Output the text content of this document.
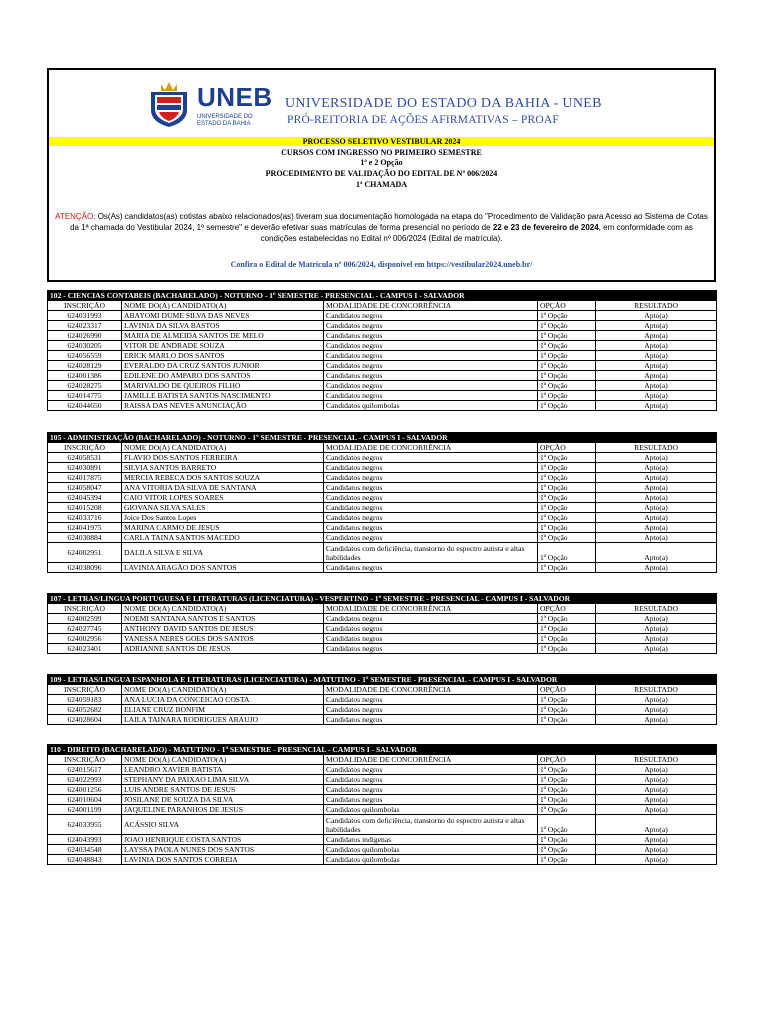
UNEB
UNIVERSIDADE DO ESTADO DA BAHIA
UNIVERSIDADE DO ESTADO DA BAHIA - UNEB
PRÓ-REITORIA DE AÇÕES AFIRMATIVAS – PROAF
PROCESSO SELETIVO VESTIBULAR 2024
CURSOS COM INGRESSO NO PRIMEIRO SEMESTRE
1ª e 2 Opção
PROCEDIMENTO DE VALIDAÇÃO DO EDITAL DE Nº 006/2024
1ª CHAMADA
ATENÇÃO: Os(As) candidatos(as) cotistas abaixo relacionados(as) tiveram sua documentação homologada na etapa do "Procedimento de Validação para Acesso ao Sistema de Cotas da 1ª chamada do Vestibular 2024, 1º semestre" e deverão efetivar suas matrículas de forma presencial no período de 22 e 23 de fevereiro de 2024, em conformidade com as condições estabelecidas no Edital nº 006/2024 (Edital de matrícula).
Confira o Edital de Matrícula nº 006/2024, disponível em https://vestibular2024.uneb.br/
102 - CIENCIAS CONTABEIS (BACHARELADO) - NOTURNO - 1º SEMESTRE - PRESENCIAL - CAMPUS I - SALVADOR				
INSCRIÇÃO	NOME DO(A) CANDIDATO(A)	MODALIDADE DE CONCORRÊNCIA	OPÇÃO	RESULTADO
624031993	ABAYOMI DUME SILVA DAS NEVES	Candidatos negros	1ª Opção	Apto(a)
624023317	LAVINIA DA SILVA BASTOS	Candidatos negros	1ª Opção	Apto(a)
624026990	MARIA DE ALMEIDA SANTOS DE MELO	Candidatos negros	1ª Opção	Apto(a)
624030205	VITOR DE ANDRADE SOUZA	Candidatos negros	1ª Opção	Apto(a)
624056559	ERICK MARLO DOS SANTOS	Candidatos negros	1ª Opção	Apto(a)
624028129	EVERALDO DA CRUZ SANTOS JUNIOR	Candidatos negros	1ª Opção	Apto(a)
624001386	EDILENE DO AMPARO DOS SANTOS	Candidatos negros	1ª Opção	Apto(a)
624028275	MARIVALDO DE QUEIROS FILHO	Candidatos negros	1ª Opção	Apto(a)
624014775	JAMILLE BATISTA SANTOS NASCIMENTO	Candidatos negros	1ª Opção	Apto(a)
624044650	RAISSA DAS NEVES ANUNCIAÇÃO	Candidatos quilombolas	1ª Opção	Apto(a)
105 - ADMINISTRAÇÃO (BACHARELADO) - NOTURNO - 1º SEMESTRE - PRESENCIAL - CAMPUS I - SALVADOR				
INSCRIÇÃO	NOME DO(A) CANDIDATO(A)	MODALIDADE DE CONCORRÊNCIA	OPÇÃO	RESULTADO
624058531	FLAVIO DOS SANTOS FERREIRA	Candidatos negros	1ª Opção	Apto(a)
624030891	SILVIA SANTOS BARRETO	Candidatos negros	1ª Opção	Apto(a)
624017875	MERCIA REBECA DOS SANTOS SOUZA	Candidatos negros	1ª Opção	Apto(a)
624058047	ANA VITORIA DA SILVA DE SANTANA	Candidatos negros	1ª Opção	Apto(a)
624045394	CAIO VITOR LOPES SOARES	Candidatos negros	1ª Opção	Apto(a)
624015208	GIOVANA SILVA SALES	Candidatos negros	1ª Opção	Apto(a)
624033716	Joice Dos Santos Lopes	Candidatos negros	1ª Opção	Apto(a)
624041975	MARINA CARMO DE JESUS	Candidatos negros	1ª Opção	Apto(a)
624030884	CARLA TAINA SANTOS MACEDO	Candidatos negros	1ª Opção	Apto(a)
624002951	DALILA SILVA E SILVA	Candidatos com deficiência, transtorno do espectro autista e altas habilidades	1ª Opção	Apto(a)
624038096	LAVINIA ARAGÃO DOS SANTOS	Candidatos negros	1ª Opção	Apto(a)
107 - LETRAS/LINGUA PORTUGUESA E LITERATURAS (LICENCIATURA) - VESPERTINO - 1º SEMESTRE - PRESENCIAL - CAMPUS I - SALVADOR				
INSCRIÇÃO	NOME DO(A) CANDIDATO(A)	MODALIDADE DE CONCORRÊNCIA	OPÇÃO	RESULTADO
624002599	NOEMI SANTANA SANTOS E SANTOS	Candidatos negros	1ª Opção	Apto(a)
624027745	ANTHONY DAVID SANTOS DE JESUS	Candidatos negros	1ª Opção	Apto(a)
624002956	VANESSA NERES GOES DOS SANTOS	Candidatos negros	1ª Opção	Apto(a)
624023401	ADRIANNE SANTOS DE JESUS	Candidatos negros	1ª Opção	Apto(a)
109 - LETRAS/LINGUA ESPANHOLA E LITERATURAS (LICENCIATURA) - MATUTINO - 1º SEMESTRE - PRESENCIAL - CAMPUS I - SALVADOR				
INSCRIÇÃO	NOME DO(A) CANDIDATO(A)	MODALIDADE DE CONCORRÊNCIA	OPÇÃO	RESULTADO
624059183	ANA LUCIA DA CONCEICAO COSTA	Candidatos negros	1ª Opção	Apto(a)
624052682	ELIANE CRUZ BONFIM	Candidatos negros	1ª Opção	Apto(a)
624028604	LAILA TAINARA RODRIGUES ARAUJO	Candidatos negros	1ª Opção	Apto(a)
110 - DIREITO (BACHARELADO) - MATUTINO - 1º SEMESTRE - PRESENCIAL - CAMPUS I - SALVADOR				
INSCRIÇÃO	NOME DO(A) CANDIDATO(A)	MODALIDADE DE CONCORRÊNCIA	OPÇÃO	RESULTADO
624015617	LEANDRO XAVIER BATISTA	Candidatos negros	1ª Opção	Apto(a)
624022993	STEPHANY DA PAIXAO LIMA SILVA	Candidatos negros	1ª Opção	Apto(a)
624001256	LUIS ANDRE SANTOS DE JESUS	Candidatos negros	1ª Opção	Apto(a)
624010604	JOSILANE DE SOUZA DA SILVA	Candidatos negros	1ª Opção	Apto(a)
624001199	JAQUELINE PARANHOS DE JESUS	Candidatos quilombolas	1ª Opção	Apto(a)
624033955	ACÁSSIO SILVA	Candidatos com deficiência, transtorno do espectro autista e altas habilidades	1ª Opção	Apto(a)
624043993	JOAO HENRIQUE COSTA SANTOS	Candidatos indígenas	1ª Opção	Apto(a)
624034548	LAYSSA PAOLA NUNES DOS SANTOS	Candidatos quilombolas	1ª Opção	Apto(a)
624048843	LAVINIA DOS SANTOS CORREIA	Candidatos quilombolas	1ª Opção	Apto(a)
